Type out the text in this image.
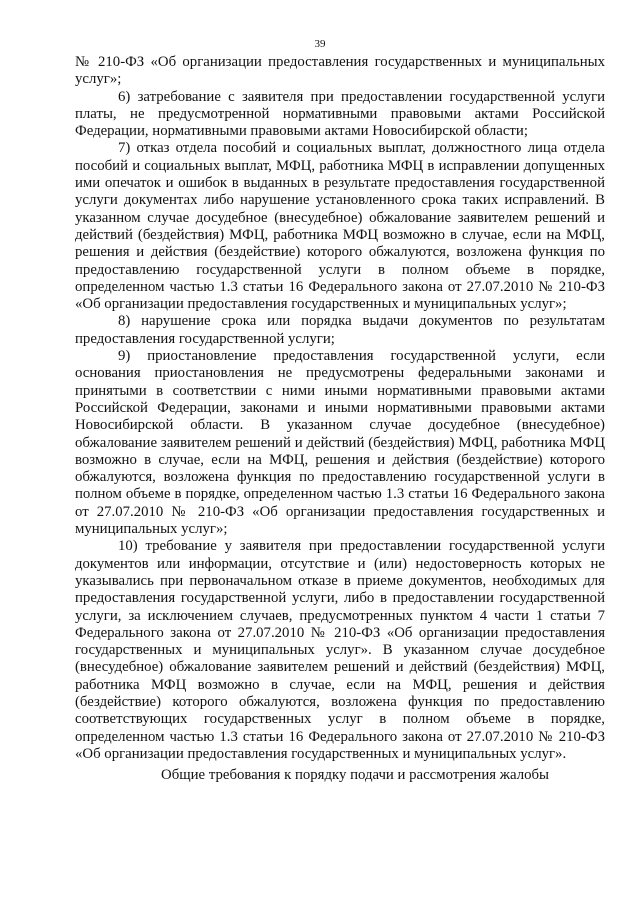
39

№ 210-ФЗ «Об организации предоставления государственных и муниципальных услуг»;

6) затребование с заявителя при предоставлении государственной услуги платы, не предусмотренной нормативными правовыми актами Российской Федерации, нормативными правовыми актами Новосибирской области;

7) отказ отдела пособий и социальных выплат, должностного лица отдела пособий и социальных выплат, МФЦ, работника МФЦ в исправлении допущенных ими опечаток и ошибок в выданных в результате предоставления государственной услуги документах либо нарушение установленного срока таких исправлений. В указанном случае досудебное (внесудебное) обжалование заявителем решений и действий (бездействия) МФЦ, работника МФЦ возможно в случае, если на МФЦ, решения и действия (бездействие) которого обжалуются, возложена функция по предоставлению государственной услуги в полном объеме в порядке, определенном частью 1.3 статьи 16 Федерального закона от 27.07.2010 № 210-ФЗ «Об организации предоставления государственных и муниципальных услуг»;

8) нарушение срока или порядка выдачи документов по результатам предоставления государственной услуги;

9) приостановление предоставления государственной услуги, если основания приостановления не предусмотрены федеральными законами и принятыми в соответствии с ними иными нормативными правовыми актами Российской Федерации, законами и иными нормативными правовыми актами Новосибирской области. В указанном случае досудебное (внесудебное) обжалование заявителем решений и действий (бездействия) МФЦ, работника МФЦ возможно в случае, если на МФЦ, решения и действия (бездействие) которого обжалуются, возложена функция по предоставлению государственной услуги в полном объеме в порядке, определенном частью 1.3 статьи 16 Федерального закона от 27.07.2010 № 210-ФЗ «Об организации предоставления государственных и муниципальных услуг»;

10) требование у заявителя при предоставлении государственной услуги документов или информации, отсутствие и (или) недостоверность которых не указывались при первоначальном отказе в приеме документов, необходимых для предоставления государственной услуги, либо в предоставлении государственной услуги, за исключением случаев, предусмотренных пунктом 4 части 1 статьи 7 Федерального закона от 27.07.2010 № 210-ФЗ «Об организации предоставления государственных и муниципальных услуг». В указанном случае досудебное (внесудебное) обжалование заявителем решений и действий (бездействия) МФЦ, работника МФЦ возможно в случае, если на МФЦ, решения и действия (бездействие) которого обжалуются, возложена функция по предоставлению соответствующих государственных услуг в полном объеме в порядке, определенном частью 1.3 статьи 16 Федерального закона от 27.07.2010 № 210-ФЗ «Об организации предоставления государственных и муниципальных услуг».

Общие требования к порядку подачи и рассмотрения жалобы
